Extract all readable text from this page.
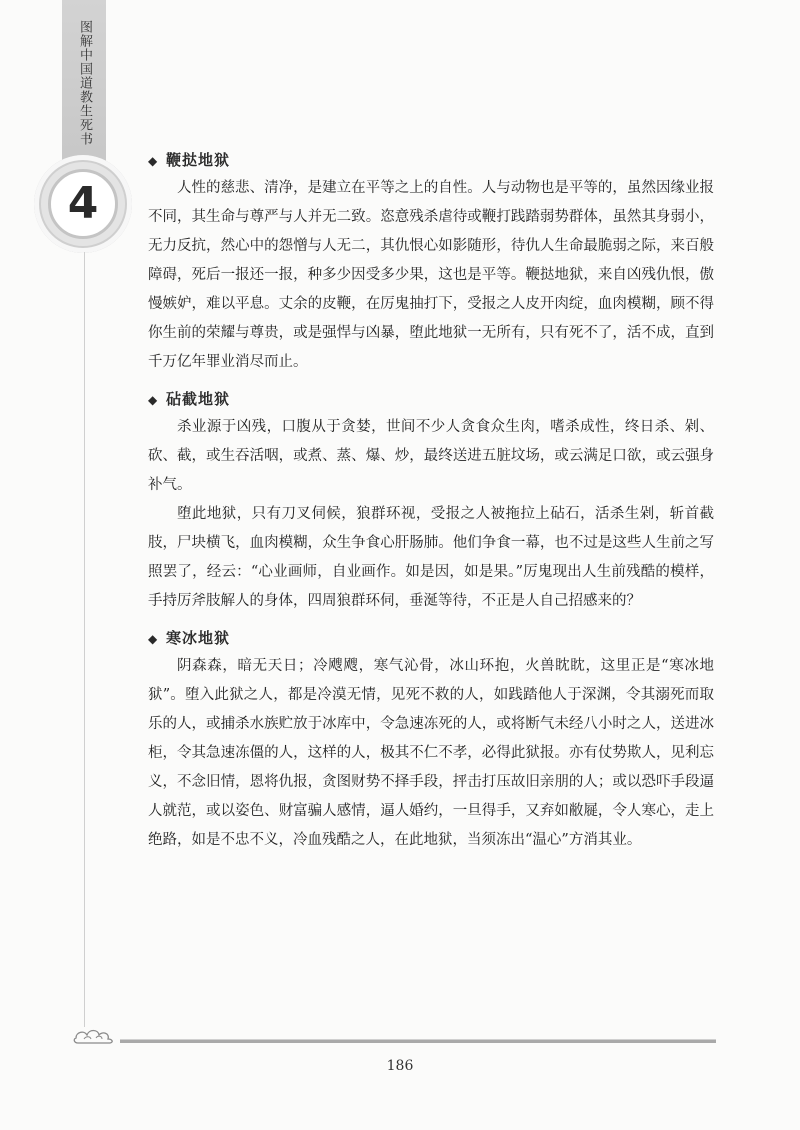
图解中国道教生死书
4
◆ 鞭挞地狱

人性的慈悲、清净，是建立在平等之上的自性。人与动物也是平等的，虽然因缘业报不同，其生命与尊严与人并无二致。恣意残杀虐待或鞭打践踏弱势群体，虽然其身弱小，无力反抗，然心中的怨憎与人无二，其仇恨心如影随形，待仇人生命最脆弱之际，来百般障碍，死后一报还一报，种多少因受多少果，这也是平等。鞭挞地狱，来自凶残仇恨，傲慢嫉妒，难以平息。丈余的皮鞭，在厉鬼抽打下，受报之人皮开肉绽，血肉模糊，顾不得你生前的荣耀与尊贵，或是强悍与凶暴，堕此地狱一无所有，只有死不了，活不成，直到千万亿年罪业消尽而止。

◆ 砧截地狱

杀业源于凶残，口腹从于贪婪，世间不少人贪食众生肉，嗜杀成性，终日杀、剁、砍、截，或生吞活咽，或煮、蒸、爆、炒，最终送进五脏坟场，或云满足口欲，或云强身补气。

堕此地狱，只有刀叉伺候，狼群环视，受报之人被拖拉上砧石，活杀生剁，斩首截肢，尸块横飞，血肉模糊，众生争食心肝肠肺。他们争食一幕，也不过是这些人生前之写照罢了，经云：“心业画师，自业画作。如是因，如是果。”厉鬼现出人生前残酷的模样，手持厉斧肢解人的身体，四周狼群环伺，垂涎等待，不正是人自己招感来的？

◆ 寒冰地狱

阴森森，暗无天日；冷飕飕，寒气沁骨，冰山环抱，火兽眈眈，这里正是“寒冰地狱”。堕入此狱之人，都是冷漠无情，见死不救的人，如践踏他人于深渊，令其溺死而取乐的人，或捕杀水族贮放于冰库中，令急速冻死的人，或将断气未经八小时之人，送进冰柜，令其急速冻僵的人，这样的人，极其不仁不孝，必得此狱报。亦有仗势欺人，见利忘义，不念旧情，恩将仇报，贪图财势不择手段，抨击打压故旧亲朋的人；或以恐吓手段逼人就范，或以姿色、财富骗人感情，逼人婚约，一旦得手，又弃如敝屣，令人寒心，走上绝路，如是不忠不义，冷血残酷之人，在此地狱，当须冻出“温心”方消其业。

186
